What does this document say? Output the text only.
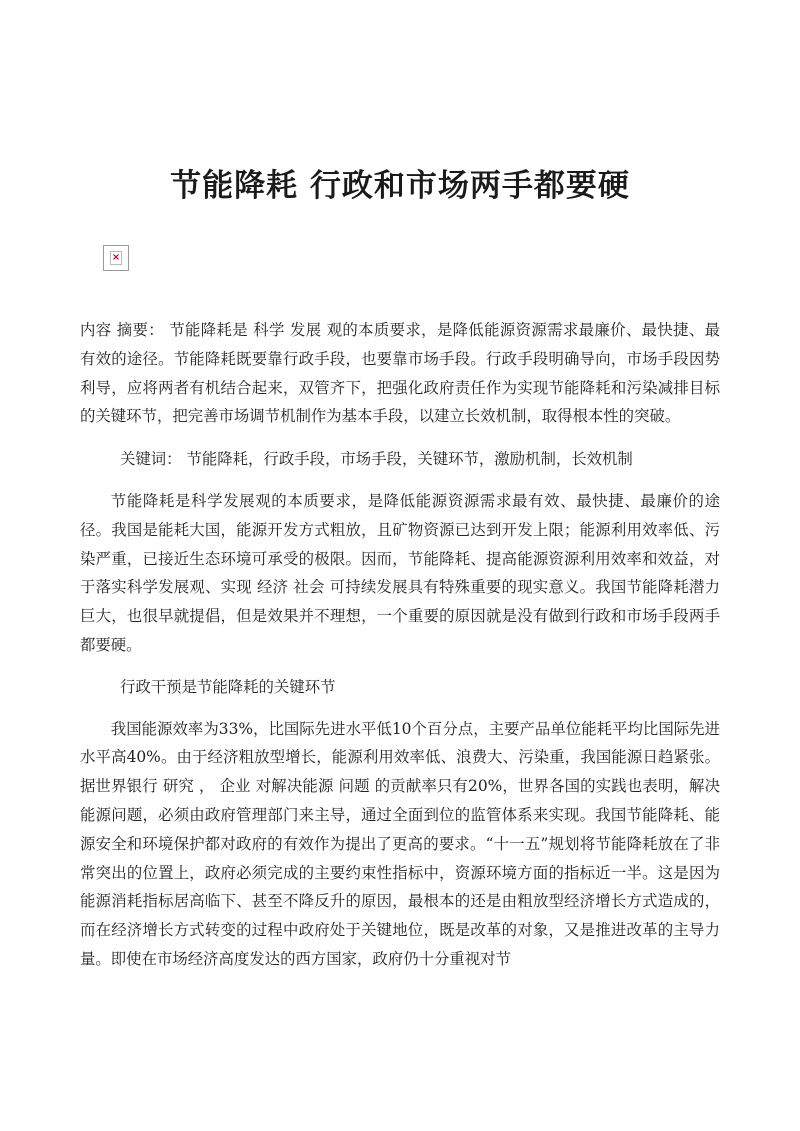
节能降耗 行政和市场两手都要硬
×

内容 摘要： 节能降耗是 科学 发展 观的本质要求，是降低能源资源需求最廉价、最快捷、最有效的途径。节能降耗既要靠行政手段，也要靠市场手段。行政手段明确导向，市场手段因势利导，应将两者有机结合起来，双管齐下，把强化政府责任作为实现节能降耗和污染减排目标的关键环节，把完善市场调节机制作为基本手段，以建立长效机制，取得根本性的突破。

关键词： 节能降耗，行政手段，市场手段，关键环节，激励机制，长效机制

节能降耗是科学发展观的本质要求，是降低能源资源需求最有效、最快捷、最廉价的途径。我国是能耗大国，能源开发方式粗放，且矿物资源已达到开发上限；能源利用效率低、污染严重，已接近生态环境可承受的极限。因而，节能降耗、提高能源资源利用效率和效益，对于落实科学发展观、实现 经济 社会 可持续发展具有特殊重要的现实意义。我国节能降耗潜力巨大，也很早就提倡，但是效果并不理想，一个重要的原因就是没有做到行政和市场手段两手都要硬。

行政干预是节能降耗的关键环节

我国能源效率为33%，比国际先进水平低10个百分点，主要产品单位能耗平均比国际先进水平高40%。由于经济粗放型增长，能源利用效率低、浪费大、污染重，我国能源日趋紧张。据世界银行 研究 ， 企业 对解决能源 问题 的贡献率只有20%，世界各国的实践也表明，解决能源问题，必须由政府管理部门来主导，通过全面到位的监管体系来实现。我国节能降耗、能源安全和环境保护都对政府的有效作为提出了更高的要求。“十一五”规划将节能降耗放在了非常突出的位置上，政府必须完成的主要约束性指标中，资源环境方面的指标近一半。这是因为能源消耗指标居高临下、甚至不降反升的原因，最根本的还是由粗放型经济增长方式造成的，而在经济增长方式转变的过程中政府处于关键地位，既是改革的对象，又是推进改革的主导力量。即使在市场经济高度发达的西方国家，政府仍十分重视对节
